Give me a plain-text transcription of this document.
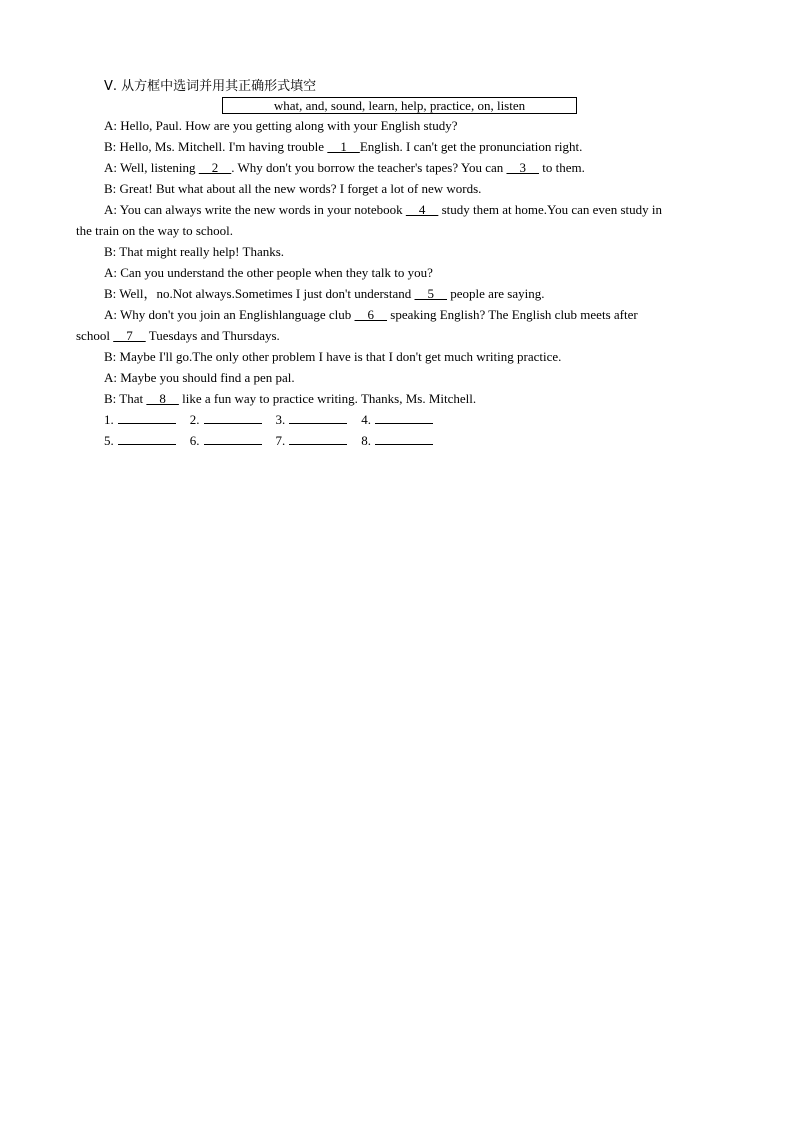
Ⅴ. 从方框中选词并用其正确形式填空
what, and, sound, learn, help, practice, on, listen
A: Hello, Paul. How are you getting along with your English study?
B: Hello, Ms. Mitchell. I'm having trouble     1    English. I can't get the pronunciation right.
A: Well, listening     2    . Why don't you borrow the teacher's tapes? You can     3     to them.
B: Great! But what about all the new words? I forget a lot of new words.
A: You can always write the new words in your notebook     4     study them at home.You can even study in
the train on the way to school.
B: That might really help! Thanks.
A: Can you understand the other people when they talk to you?
B: Well，no.Not always.Sometimes I just don't understand     5     people are saying.
A: Why don't you join an Englishlanguage club     6     speaking English? The English club meets after
school     7     Tuesdays and Thursdays.
B: Maybe I'll go.The only other problem I have is that I don't get much writing practice.
A: Maybe you should find a pen pal.
B: That     8     like a fun way to practice writing. Thanks, Ms. Mitchell.
1.	2.	3.	4.
5.	6.	7.	8.
